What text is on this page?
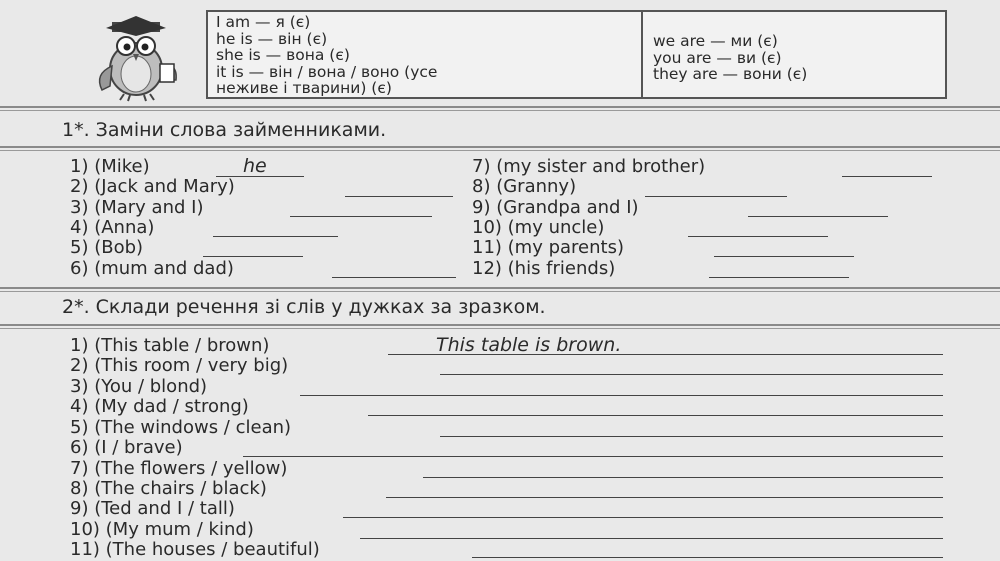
I am — я (є)
he is — він (є)
she is — вона (є)
it is — він / вона / воно (усе
неживе і тварини) (є)
we are — ми (є)
you are — ви (є)
they are — вони (є)
1*. Заміни слова займенниками.
1) (Mike)	he
2) (Jack and Mary)
3) (Mary and I)
4) (Anna)
5) (Bob)
6) (mum and dad)
7) (my sister and brother)
8) (Granny)
9) (Grandpa and I)
10) (my uncle)
11) (my parents)
12) (his friends)
2*. Склади речення зі слів у дужках за зразком.
1) (This table / brown)	This table is brown.
2) (This room / very big)
3) (You / blond)
4) (My dad / strong)
5) (The windows / clean)
6) (I / brave)
7) (The flowers / yellow)
8) (The chairs / black)
9) (Ted and I / tall)
10) (My mum / kind)
11) (The houses / beautiful)
